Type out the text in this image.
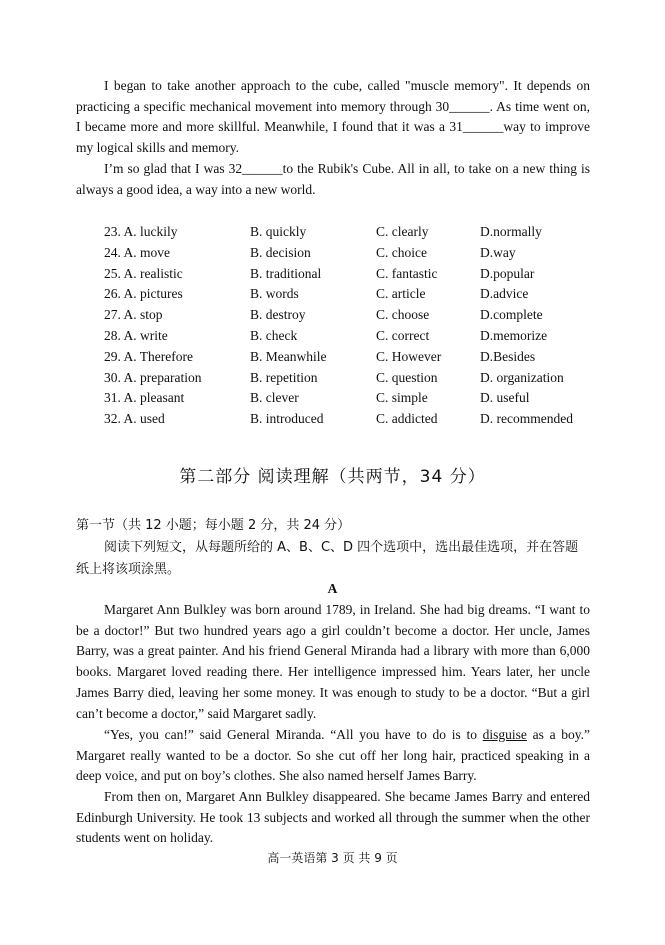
I began to take another approach to the cube, called "muscle memory". It depends on practicing a specific mechanical movement into memory through 30______. As time went on, I became more and more skillful. Meanwhile, I found that it was a 31______way to improve my logical skills and memory.

I’m so glad that I was 32______to the Rubik's Cube. All in all, to take on a new thing is always a good idea, a way into a new world.

23. A. luckily	B. quickly	C. clearly	D.normally
24. A. move	B. decision	C. choice	D.way
25. A. realistic	B. traditional	C. fantastic	D.popular
26. A. pictures	B. words	C. article	D.advice
27. A. stop	B. destroy	C. choose	D.complete
28. A. write	B. check	C. correct	D.memorize
29. A. Therefore	B. Meanwhile	C. However	D.Besides
30. A. preparation	B. repetition	C. question	D. organization
31. A. pleasant	B. clever	C. simple	D. useful
32. A. used	B. introduced	C. addicted	D. recommended
第二部分 阅读理解（共两节，34 分）
第一节（共 12 小题；每小题 2 分，共 24 分）

阅读下列短文，从每题所给的 A、B、C、D 四个选项中，选出最佳选项，并在答题纸上将该项涂黑。

A

Margaret Ann Bulkley was born around 1789, in Ireland. She had big dreams. “I want to be a doctor!” But two hundred years ago a girl couldn’t become a doctor. Her uncle, James Barry, was a great painter. And his friend General Miranda had a library with more than 6,000 books. Margaret loved reading there. Her intelligence impressed him. Years later, her uncle James Barry died, leaving her some money. It was enough to study to be a doctor. “But a girl can’t become a doctor,” said Margaret sadly.

“Yes, you can!” said General Miranda. “All you have to do is to disguise as a boy.” Margaret really wanted to be a doctor. So she cut off her long hair, practiced speaking in a deep voice, and put on boy’s clothes. She also named herself James Barry.

From then on, Margaret Ann Bulkley disappeared. She became James Barry and entered Edinburgh University. He took 13 subjects and worked all through the summer when the other students went on holiday.

高一英语第 3 页 共 9 页
